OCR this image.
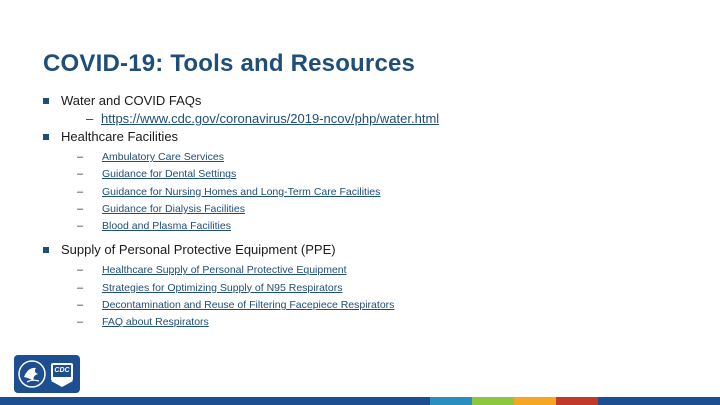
COVID-19: Tools and Resources
Water and COVID FAQs
– https://www.cdc.gov/coronavirus/2019-ncov/php/water.html
Healthcare Facilities
– Ambulatory Care Services
– Guidance for Dental Settings
– Guidance for Nursing Homes and Long-Term Care Facilities
– Guidance for Dialysis Facilities
– Blood and Plasma Facilities
Supply of Personal Protective Equipment (PPE)
– Healthcare Supply of Personal Protective Equipment
– Strategies for Optimizing Supply of N95 Respirators
– Decontamination and Reuse of Filtering Facepiece Respirators
– FAQ about Respirators
CDC
